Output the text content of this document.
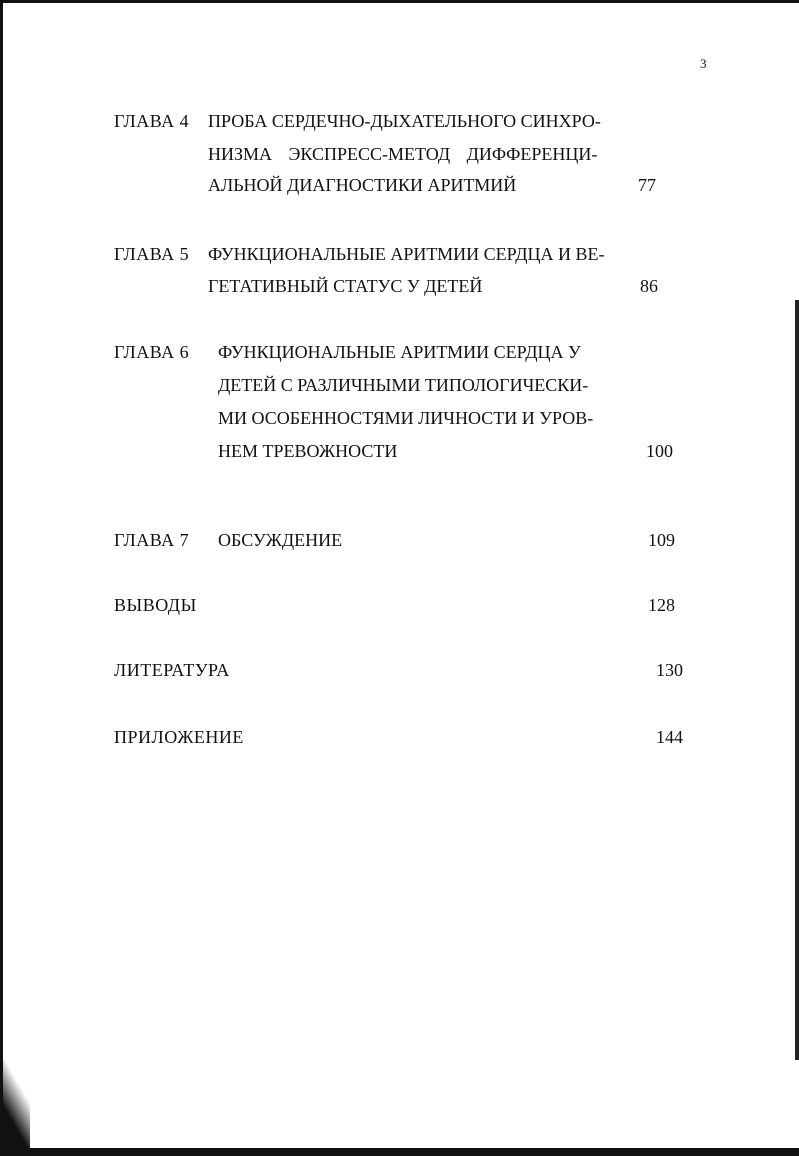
3
ГЛАВА 4 ПРОБА СЕРДЕЧНО-ДЫХАТЕЛЬНОГО СИНХРО-
НИЗМА ЭКСПРЕСС-МЕТОД ДИФФЕРЕНЦИ-
АЛЬНОЙ ДИАГНОСТИКИ АРИТМИЙ	77
ГЛАВА 5 ФУНКЦИОНАЛЬНЫЕ АРИТМИИ СЕРДЦА И ВЕ-
ГЕТАТИВНЫЙ СТАТУС У ДЕТЕЙ	86
ГЛАВА 6 ФУНКЦИОНАЛЬНЫЕ АРИТМИИ СЕРДЦА У
ДЕТЕЙ С РАЗЛИЧНЫМИ ТИПОЛОГИЧЕСКИ-
МИ ОСОБЕННОСТЯМИ ЛИЧНОСТИ И УРОВ-
НЕМ ТРЕВОЖНОСТИ	100
ГЛАВА 7 ОБСУЖДЕНИЕ	109
ВЫВОДЫ	128
ЛИТЕРАТУРА	130
ПРИЛОЖЕНИЕ	144
